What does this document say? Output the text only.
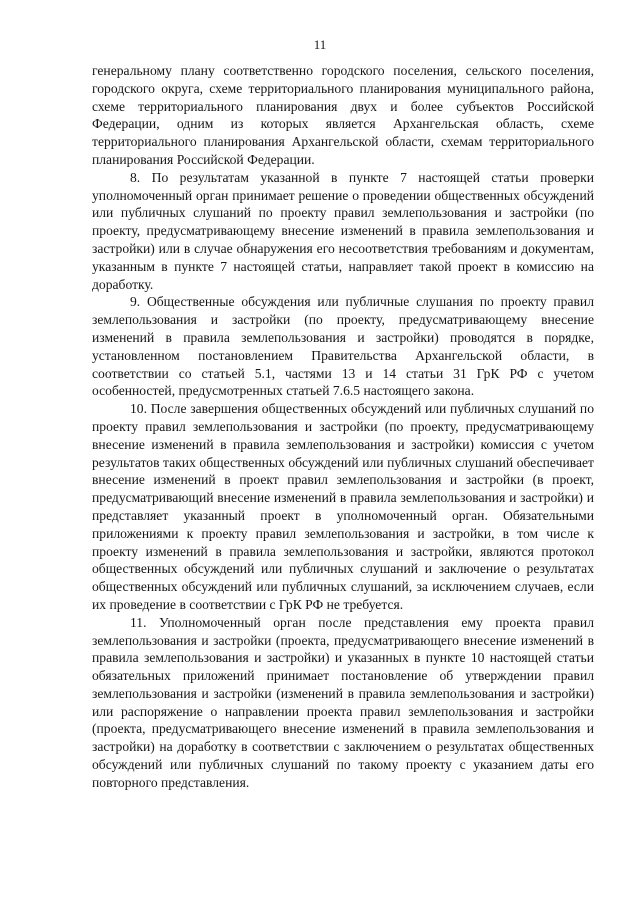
11

генеральному плану соответственно городского поселения, сельского поселения, городского округа, схеме территориального планирования муниципального района, схеме территориального планирования двух и более субъектов Российской Федерации, одним из которых является Архангельская область, схеме территориального планирования Архангельской области, схемам территориального планирования Российской Федерации.

8. По результатам указанной в пункте 7 настоящей статьи проверки уполномоченный орган принимает решение о проведении общественных обсуждений или публичных слушаний по проекту правил землепользования и застройки (по проекту, предусматривающему внесение изменений в правила землепользования и застройки) или в случае обнаружения его несоответствия требованиям и документам, указанным в пункте 7 настоящей статьи, направляет такой проект в комиссию на доработку.

9. Общественные обсуждения или публичные слушания по проекту правил землепользования и застройки (по проекту, предусматривающему внесение изменений в правила землепользования и застройки) проводятся в порядке, установленном постановлением Правительства Архангельской области, в соответствии со статьей 5.1, частями 13 и 14 статьи 31 ГрК РФ с учетом особенностей, предусмотренных статьей 7.6.5 настоящего закона.

10. После завершения общественных обсуждений или публичных слушаний по проекту правил землепользования и застройки (по проекту, предусматривающему внесение изменений в правила землепользования и застройки) комиссия с учетом результатов таких общественных обсуждений или публичных слушаний обеспечивает внесение изменений в проект правил землепользования и застройки (в проект, предусматривающий внесение изменений в правила землепользования и застройки) и представляет указанный проект в уполномоченный орган. Обязательными приложениями к проекту правил землепользования и застройки, в том числе к проекту изменений в правила землепользования и застройки, являются протокол общественных обсуждений или публичных слушаний и заключение о результатах общественных обсуждений или публичных слушаний, за исключением случаев, если их проведение в соответствии с ГрК РФ не требуется.

11. Уполномоченный орган после представления ему проекта правил землепользования и застройки (проекта, предусматривающего внесение изменений в правила землепользования и застройки) и указанных в пункте 10 настоящей статьи обязательных приложений принимает постановление об утверждении правил землепользования и застройки (изменений в правила землепользования и застройки) или распоряжение о направлении проекта правил землепользования и застройки (проекта, предусматривающего внесение изменений в правила землепользования и застройки) на доработку в соответствии с заключением о результатах общественных обсуждений или публичных слушаний по такому проекту с указанием даты его повторного представления.
